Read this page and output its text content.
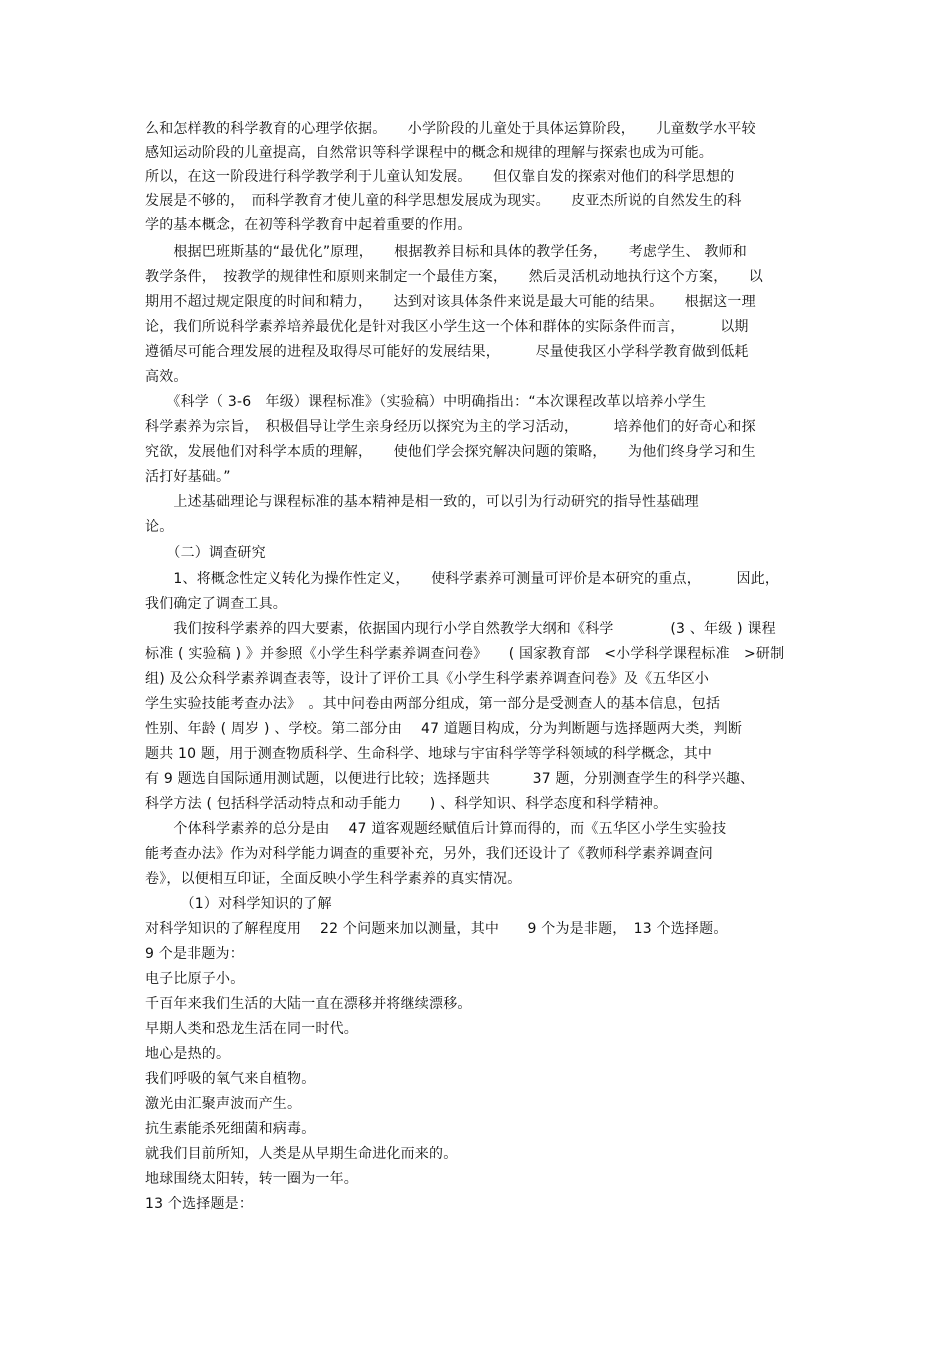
么和怎样教的科学教育的心理学依据。　　小学阶段的儿童处于具体运算阶段，　　儿童数学水平较
感知运动阶段的儿童提高，自然常识等科学课程中的概念和规律的理解与探索也成为可能。
所以，在这一阶段进行科学教学利于儿童认知发展。　　但仅靠自发的探索对他们的科学思想的
发展是不够的，　而科学教育才使儿童的科学思想发展成为现实。　　皮亚杰所说的自然发生的科
学的基本概念，在初等科学教育中起着重要的作用。
　　根据巴班斯基的“最优化”原理，　　根据教养目标和具体的教学任务，　　考虑学生、 教师和
教学条件，　按教学的规律性和原则来制定一个最佳方案，　　然后灵活机动地执行这个方案，　　以
期用不超过规定限度的时间和精力，　　达到对该具体条件来说是最大可能的结果。　　根据这一理
论，我们所说科学素养培养最优化是针对我区小学生这一个体和群体的实际条件而言，　　　以期
遵循尽可能合理发展的进程及取得尽可能好的发展结果，　　　尽量使我区小学科学教育做到低耗
高效。
　　《科学（ 3-6　年级）课程标准》（实验稿）中明确指出：“本次课程改革以培养小学生
科学素养为宗旨，　积极倡导让学生亲身经历以探究为主的学习活动，　　　培养他们的好奇心和探
究欲，发展他们对科学本质的理解，　　使他们学会探究解决问题的策略，　　为他们终身学习和生
活打好基础。”
　　上述基础理论与课程标准的基本精神是相一致的，可以引为行动研究的指导性基础理
论。
　　（二）调查研究
　　1、将概念性定义转化为操作性定义，　　使科学素养可测量可评价是本研究的重点，　　　因此，
我们确定了调查工具。
　　我们按科学素养的四大要素，依据国内现行小学自然教学大纲和《科学　　　　(3 、年级 ) 课程
标准 ( 实验稿 ) 》并参照《小学生科学素养调查问卷》　　( 国家教育部　<小学科学课程标准　>研制
组) 及公众科学素养调查表等，设计了评价工具《小学生科学素养调查问卷》及《五华区小
学生实验技能考查办法》　。其中问卷由两部分组成，第一部分是受测查人的基本信息，包括
性别、年龄 ( 周岁 ) 、学校。第二部分由　 47 道题目构成，分为判断题与选择题两大类，判断
题共 10 题，用于测查物质科学、生命科学、地球与宇宙科学等学科领域的科学概念，其中
有 9 题选自国际通用测试题，以便进行比较；选择题共　　　37 题，分别测查学生的科学兴趣、
科学方法 ( 包括科学活动特点和动手能力　　) 、科学知识、科学态度和科学精神。
　　个体科学素养的总分是由　 47 道客观题经赋值后计算而得的，而《五华区小学生实验技
能考查办法》作为对科学能力调查的重要补充，另外，我们还设计了《教师科学素养调查问
卷》，以便相互印证，全面反映小学生科学素养的真实情况。
　　　（1）对科学知识的了解
对科学知识的了解程度用　 22 个问题来加以测量，其中　　9 个为是非题，　13 个选择题。
9 个是非题为：
电子比原子小。
千百年来我们生活的大陆一直在漂移并将继续漂移。
早期人类和恐龙生活在同一时代。
地心是热的。
我们呼吸的氧气来自植物。
激光由汇聚声波而产生。
抗生素能杀死细菌和病毒。
就我们目前所知，人类是从早期生命进化而来的。
地球围绕太阳转，转一圈为一年。
13 个选择题是：
